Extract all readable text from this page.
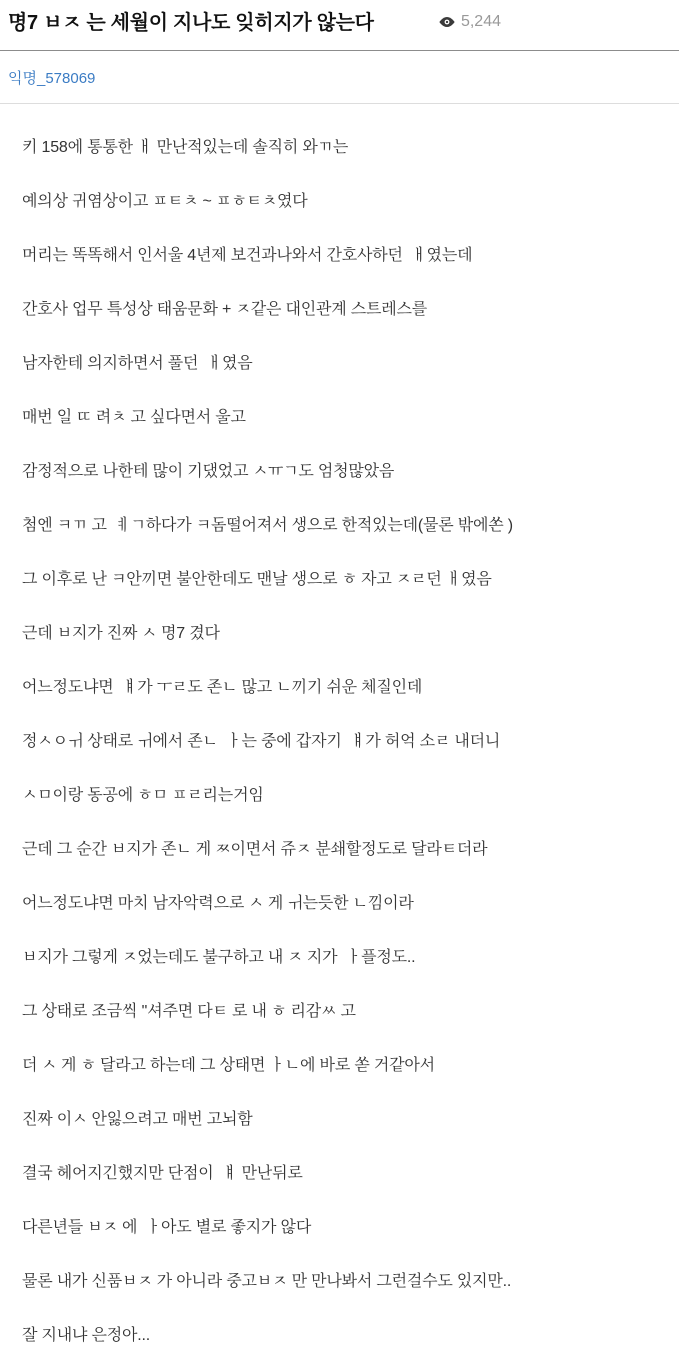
명7 ㅂㅈ 는 세월이 지나도 잊히지가 않는다	5,244
익명_578069

키 158에 통통한 ㅐ 만난적있는데 솔직히 와ㄲ는

예의상 귀염상이고 ㅍㅌㅊ ~ ㅍㅎㅌㅊ였다

머리는 똑똑해서 인서울 4년제 보건과나와서 간호사하던  ㅐ였는데

간호사 업무 특성상 태움문화 + ㅈ같은 대인관계 스트레스를

남자한테 의지하면서 풀던  ㅐ였음

매번 일 ㄸ 려ㅊ 고 싶다면서 울고

감정적으로 나한테 많이 기댔었고 ㅅㅠㄱ도 엄청많았음

첨엔 ㅋㄲ 고  ㅖㄱ하다가 ㅋ돔떨어져서 생으로 한적있는데(물론 밖에쏜 )

그 이후로 난 ㅋ안끼면 불안한데도 맨날 생으로 ㅎ 자고 ㅈㄹ던 ㅐ였음

근데 ㅂ지가 진짜 ㅅ 명7 겼다

어느정도냐면  ㅒ가 ㅜㄹ도 존ㄴ 많고 ㄴ끼기 쉬운 체질인데

정ㅅㅇㅟ 상태로 ㅟ에서 존ㄴ  ㅏ는 중에 갑자기  ㅒ가 허억 소ㄹ 내더니

ㅅㅁ이랑 동공에 ㅎㅁ ㅍㄹ리는거임

근데 그 순간 ㅂ지가 존ㄴ 게 ㅉ이면서 쥬ㅈ 분쇄할정도로 달라ㅌ더라

어느정도냐면 마치 남자악력으로 ㅅ 게 ㅟ는듯한 ㄴ낌이라

ㅂ지가 그렇게 ㅈ었는데도 불구하고 내 ㅈ 지가  ㅏ플정도..

그 상태로 조금씩 ''셔주면 다ㅌ 로 내 ㅎ 리감ㅆ 고

더 ㅅ 게 ㅎ 달라고 하는데 그 상태면 ㅏㄴ에 바로 쏟 거같아서

진짜 이ㅅ 안잃으려고 매번 고뇌함

결국 헤어지긴했지만 단점이  ㅒ 만난뒤로

다른년들 ㅂㅈ 에  ㅏ아도 별로 좋지가 않다

물론 내가 신품ㅂㅈ 가 아니라 중고ㅂㅈ 만 만나봐서 그런걸수도 있지만..

잘 지내냐 은정아...
